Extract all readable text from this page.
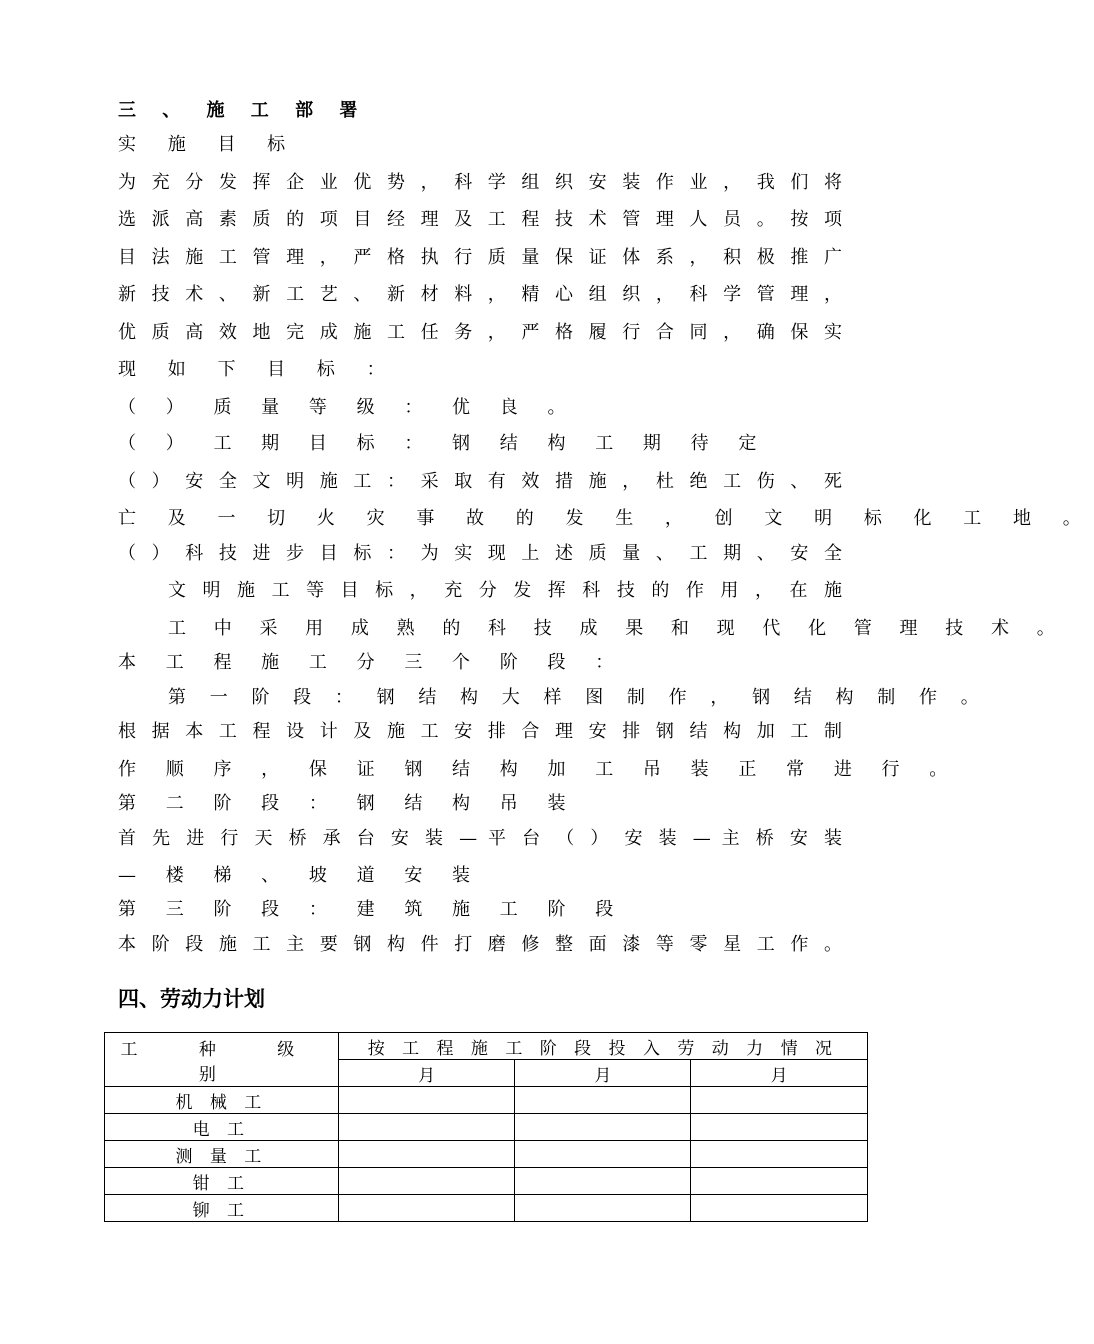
三 、 施 工 部 署
实 施 目 标
为 充 分 发 挥 企 业 优 势 ， 科 学 组 织 安 装 作 业 ， 我 们 将
选 派 高 素 质 的 项 目 经 理 及 工 程 技 术 管 理 人 员 。 按 项
目 法 施 工 管 理 ， 严 格 执 行 质 量 保 证 体 系 ， 积 极 推 广
新 技 术 、 新 工 艺 、 新 材 料 ， 精 心 组 织 ， 科 学 管 理 ，
优 质 高 效 地 完 成 施 工 任 务 ， 严 格 履 行 合 同 ， 确 保 实
现 如 下 目 标 ：
（ ） 质 量 等 级 ： 优 良 。
（ ） 工 期 目 标 ： 钢 结 构 工 期 待 定
（ ） 安 全 文 明 施 工 ： 采 取 有 效 措 施 ， 杜 绝 工 伤 、 死
亡 及 一 切 火 灾 事 故 的 发 生 ， 创 文 明 标 化 工 地 。
（ ） 科 技 进 步 目 标 ： 为 实 现 上 述 质 量 、 工 期 、 安 全
文 明 施 工 等 目 标 ， 充 分 发 挥 科 技 的 作 用 ， 在 施
工 中 采 用 成 熟 的 科 技 成 果 和 现 代 化 管 理 技 术 。
本 工 程 施 工 分 三 个 阶 段 ：
第 一 阶 段 ： 钢 结 构 大 样 图 制 作 ， 钢 结 构 制 作 。
根 据 本 工 程 设 计 及 施 工 安 排 合 理 安 排 钢 结 构 加 工 制
作 顺 序 ， 保 证 钢 结 构 加 工 吊 装 正 常 进 行 。
第 二 阶 段 ： 钢 结 构 吊 装
首 先 进 行 天 桥 承 台 安 装 — 平 台 （ ） 安 装 — 主 桥 安 装
— 楼 梯 、 坡 道 安 装
第 三 阶 段 ： 建 筑 施 工 阶 段
本 阶 段 施 工 主 要 钢 构 件 打 磨 修 整 面 漆 等 零 星 工 作 。
四、劳动力计划
工 种 级 别	按 工 程 施 工 阶 段 投 入 劳 动 力 情 况		
	月	月	月
机 械 工			
电 工			
测 量 工			
钳 工			
铆 工			
